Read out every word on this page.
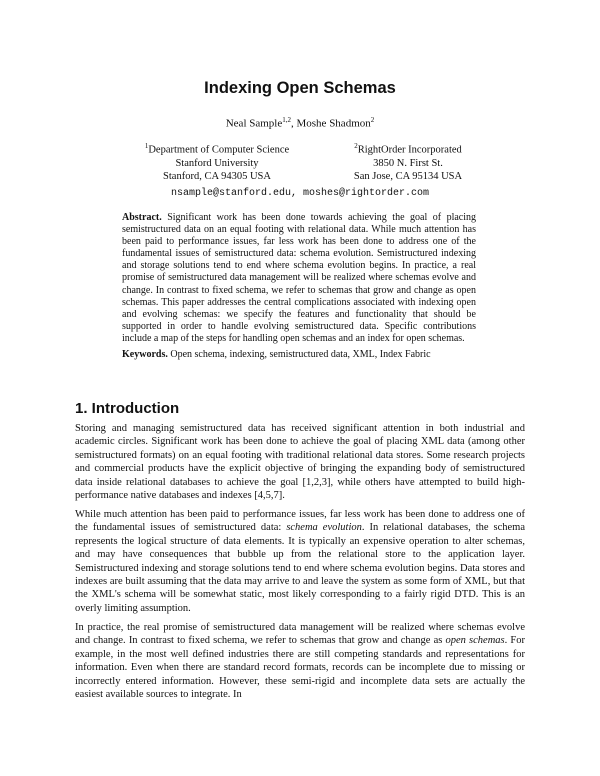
Indexing Open Schemas
Neal Sample$^{1,2}$, Moshe Shadmon$^2$
$^1$Department of Computer Science
Stanford University
Stanford, CA 94305 USA
$^2$RightOrder Incorporated
3850 N. First St.
San Jose, CA 95134 USA
nsample@stanford.edu, moshes@rightorder.com
Abstract. Significant work has been done towards achieving the goal of placing semistructured data on an equal footing with relational data. While much attention has been paid to performance issues, far less work has been done to address one of the fundamental issues of semistructured data: schema evolution. Semistructured indexing and storage solutions tend to end where schema evolution begins. In practice, a real promise of semistructured data management will be realized where schemas evolve and change. In contrast to fixed schema, we refer to schemas that grow and change as open schemas. This paper addresses the central complications associated with indexing open and evolving schemas: we specify the features and functionality that should be supported in order to handle evolving semistructured data. Specific contributions include a map of the steps for handling open schemas and an index for open schemas.
Keywords. Open schema, indexing, semistructured data, XML, Index Fabric
1. Introduction
Storing and managing semistructured data has received significant attention in both industrial and academic circles. Significant work has been done to achieve the goal of placing XML data (among other semistructured formats) on an equal footing with traditional relational data stores. Some research projects and commercial products have the explicit objective of bringing the expanding body of semistructured data inside relational databases to achieve the goal [1,2,3], while others have attempted to build high-performance native databases and indexes [4,5,7].
While much attention has been paid to performance issues, far less work has been done to address one of the fundamental issues of semistructured data: schema evolution. In relational databases, the schema represents the logical structure of data elements. It is typically an expensive operation to alter schemas, and may have consequences that bubble up from the relational store to the application layer. Semistructured indexing and storage solutions tend to end where schema evolution begins. Data stores and indexes are built assuming that the data may arrive to and leave the system as some form of XML, but that the XML's schema will be somewhat static, most likely corresponding to a fairly rigid DTD. This is an overly limiting assumption.
In practice, the real promise of semistructured data management will be realized where schemas evolve and change. In contrast to fixed schema, we refer to schemas that grow and change as open schemas. For example, in the most well defined industries there are still competing standards and representations for information. Even when there are standard record formats, records can be incomplete due to missing or incorrectly entered information. However, these semi-rigid and incomplete data sets are actually the easiest available sources to integrate. In
